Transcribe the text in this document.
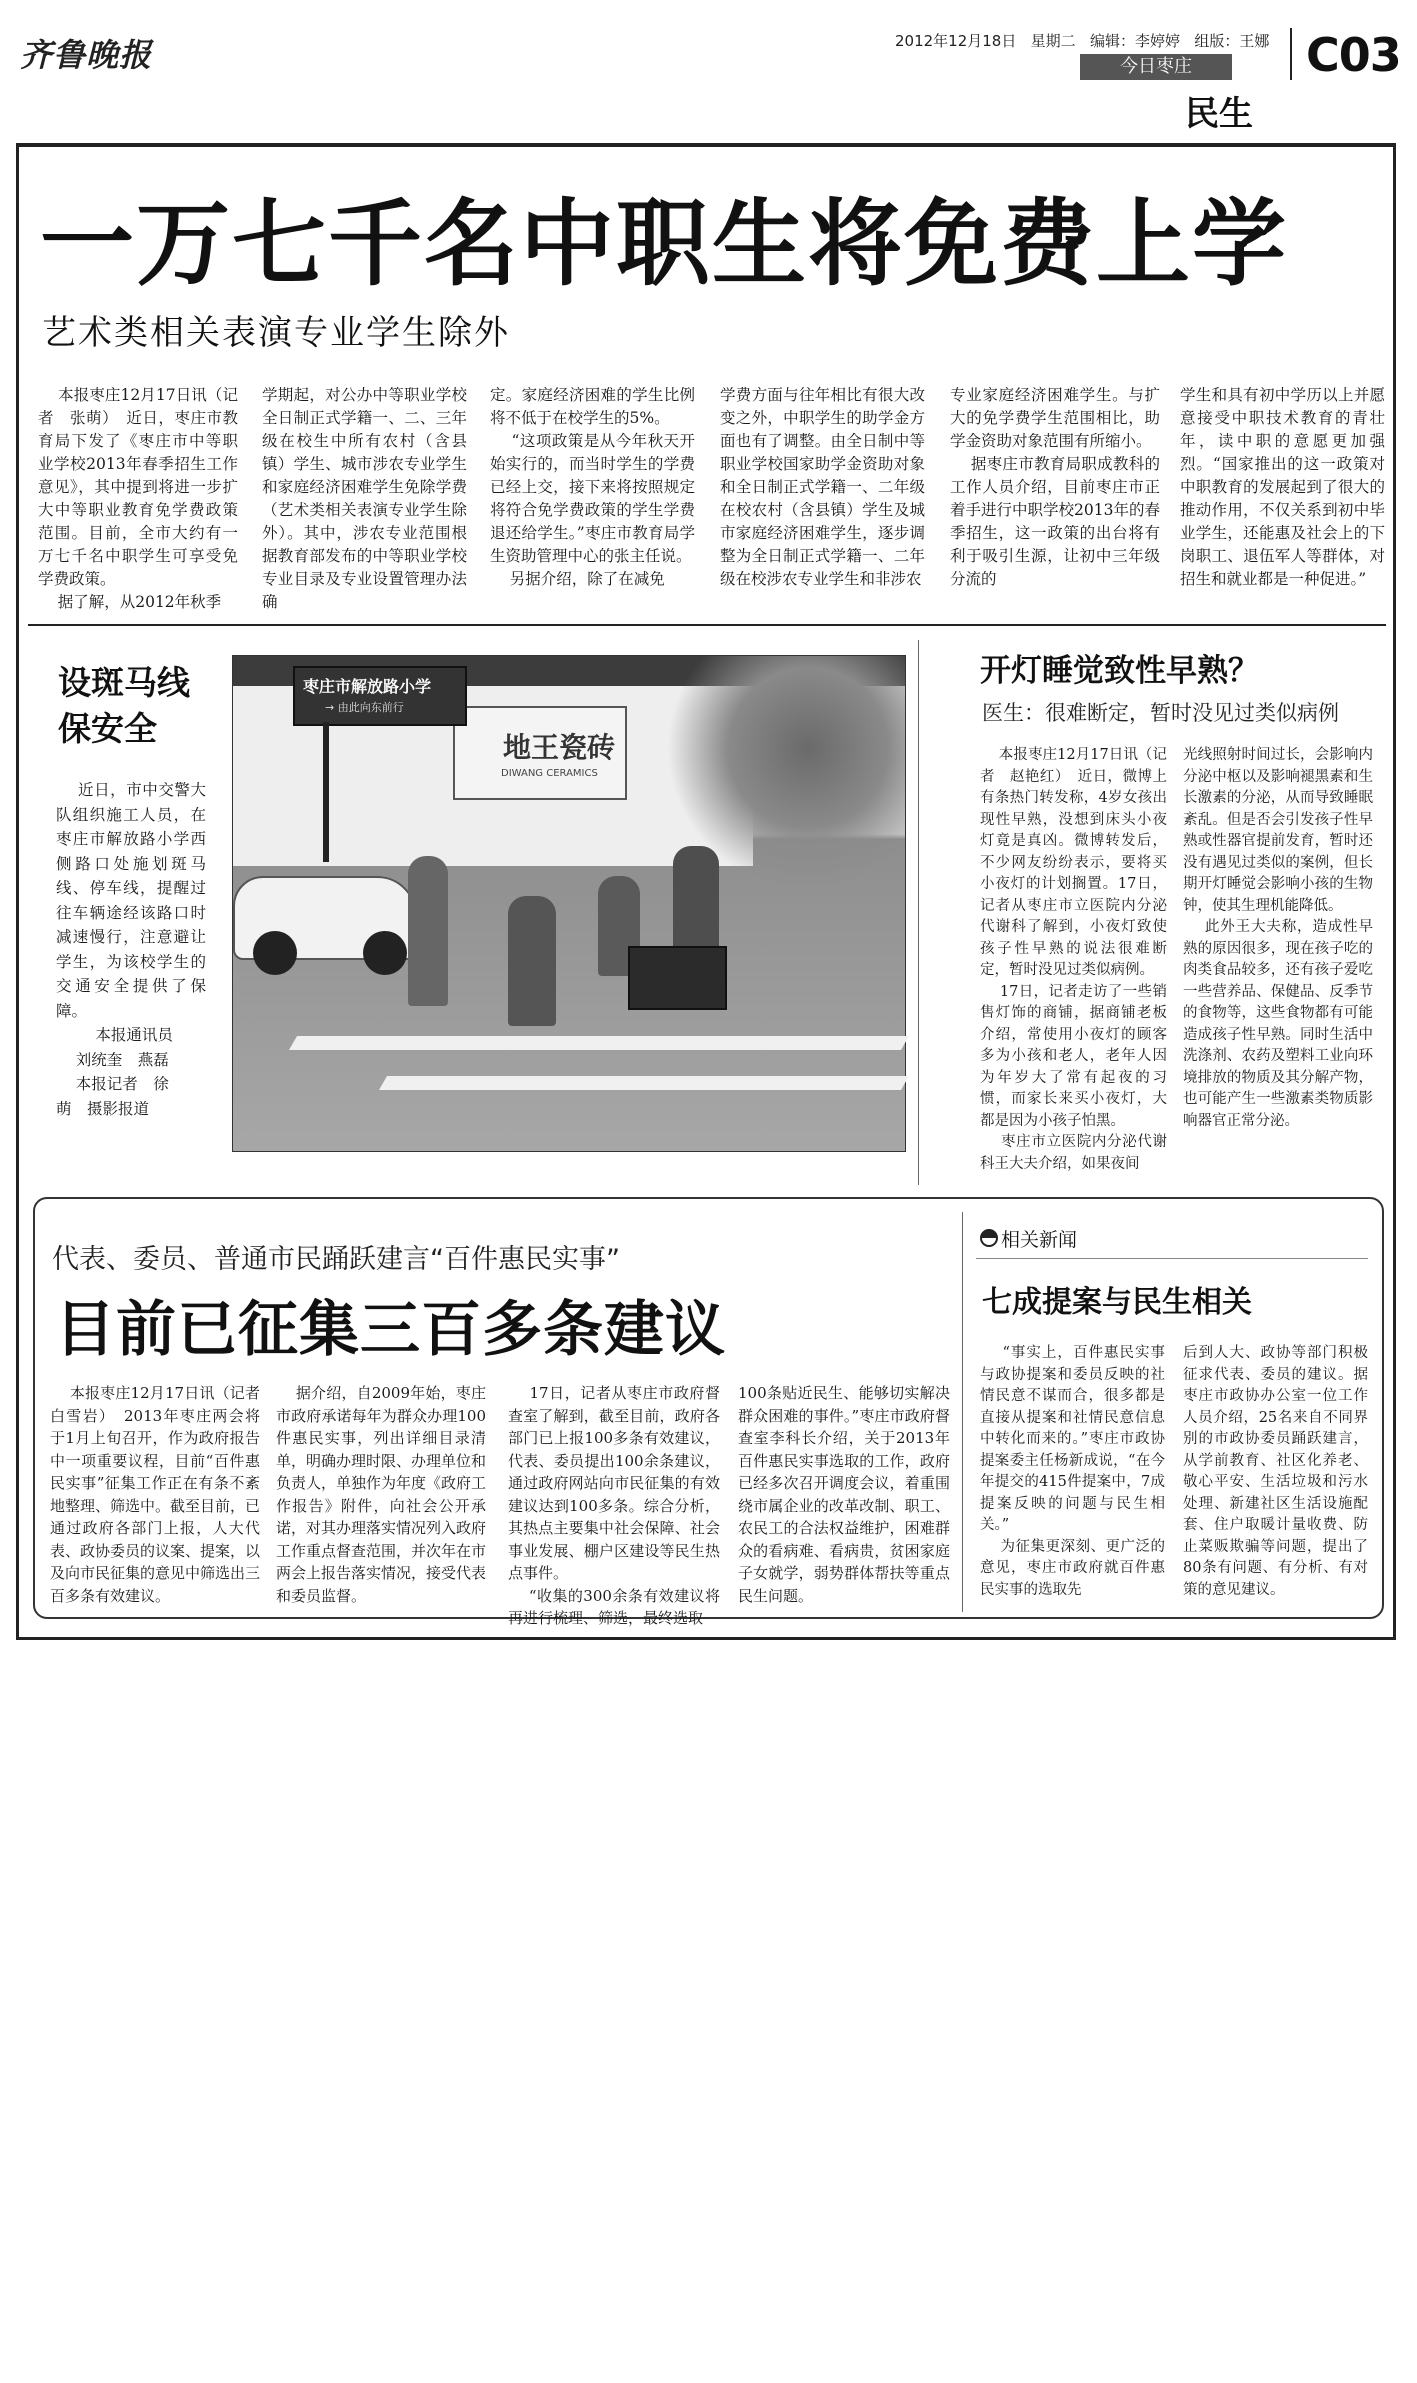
齐鲁晚报	2012年12月18日 星期二 编辑：李婷婷 组版：王娜
今日枣庄
民生
C03
一万七千名中职生将免费上学
艺术类相关表演专业学生除外
本报枣庄12月17日讯（记者　张萌）　近日，枣庄市教育局下发了《枣庄市中等职业学校2013年春季招生工作意见》，其中提到将进一步扩大中等职业教育免学费政策范围。目前，全市大约有一万七千名中职学生可享受免学费政策。
据了解，从2012年秋季
学期起，对公办中等职业学校全日制正式学籍一、二、三年级在校生中所有农村（含县镇）学生、城市涉农专业学生和家庭经济困难学生免除学费（艺术类相关表演专业学生除外）。其中，涉农专业范围根据教育部发布的中等职业学校专业目录及专业设置管理办法确
定。家庭经济困难的学生比例将不低于在校学生的5%。
“这项政策是从今年秋天开始实行的，而当时学生的学费已经上交，接下来将按照规定将符合免学费政策的学生学费退还给学生。”枣庄市教育局学生资助管理中心的张主任说。
另据介绍，除了在减免
学费方面与往年相比有很大改变之外，中职学生的助学金方面也有了调整。由全日制中等职业学校国家助学金资助对象和全日制正式学籍一、二年级在校农村（含县镇）学生及城市家庭经济困难学生，逐步调整为全日制正式学籍一、二年级在校涉农专业学生和非涉农
专业家庭经济困难学生。与扩大的免学费学生范围相比，助学金资助对象范围有所缩小。
据枣庄市教育局职成教科的工作人员介绍，目前枣庄市正着手进行中职学校2013年的春季招生，这一政策的出台将有利于吸引生源，让初中三年级分流的
学生和具有初中学历以上并愿意接受中职技术教育的青壮年，读中职的意愿更加强烈。“国家推出的这一政策对中职教育的发展起到了很大的推动作用，不仅关系到初中毕业学生，还能惠及社会上的下岗职工、退伍军人等群体，对招生和就业都是一种促进。”
设斑马线
保安全
近日，市中交警大队组织施工人员，在枣庄市解放路小学西侧路口处施划斑马线、停车线，提醒过往车辆途经该路口时减速慢行，注意避让学生，为该校学生的交通安全提供了保障。
本报通讯员
刘统奎　燕磊
本报记者　徐
萌　摄影报道
地王瓷砖
DIWANG CERAMICS
枣庄市解放路小学
→ 由此向东前行
开灯睡觉致性早熟？
医生：很难断定，暂时没见过类似病例
本报枣庄12月17日讯（记者　赵艳红）　近日，微博上有条热门转发称，4岁女孩出现性早熟，没想到床头小夜灯竟是真凶。微博转发后，不少网友纷纷表示，要将买小夜灯的计划搁置。17日，记者从枣庄市立医院内分泌代谢科了解到，小夜灯致使孩子性早熟的说法很难断定，暂时没见过类似病例。
17日，记者走访了一些销售灯饰的商铺，据商铺老板介绍，常使用小夜灯的顾客多为小孩和老人，老年人因为年岁大了常有起夜的习惯，而家长来买小夜灯，大都是因为小孩子怕黑。
枣庄市立医院内分泌代谢科王大夫介绍，如果夜间
光线照射时间过长，会影响内分泌中枢以及影响褪黑素和生长激素的分泌，从而导致睡眠紊乱。但是否会引发孩子性早熟或性器官提前发育，暂时还没有遇见过类似的案例，但长期开灯睡觉会影响小孩的生物钟，使其生理机能降低。
此外王大夫称，造成性早熟的原因很多，现在孩子吃的肉类食品较多，还有孩子爱吃一些营养品、保健品、反季节的食物等，这些食物都有可能造成孩子性早熟。同时生活中洗涤剂、农药及塑料工业向环境排放的物质及其分解产物，也可能产生一些激素类物质影响器官正常分泌。
代表、委员、普通市民踊跃建言“百件惠民实事”
目前已征集三百多条建议
本报枣庄12月17日讯（记者　白雪岩）　2013年枣庄两会将于1月上旬召开，作为政府报告中一项重要议程，目前“百件惠民实事”征集工作正在有条不紊地整理、筛选中。截至目前，已通过政府各部门上报，人大代表、政协委员的议案、提案，以及向市民征集的意见中筛选出三百多条有效建议。
据介绍，自2009年始，枣庄市政府承诺每年为群众办理100件惠民实事，列出详细目录清单，明确办理时限、办理单位和负责人，单独作为年度《政府工作报告》附件，向社会公开承诺，对其办理落实情况列入政府工作重点督查范围，并次年在市两会上报告落实情况，接受代表和委员监督。
17日，记者从枣庄市政府督查室了解到，截至目前，政府各部门已上报100多条有效建议，代表、委员提出100余条建议，通过政府网站向市民征集的有效建议达到100多条。综合分析，其热点主要集中社会保障、社会事业发展、棚户区建设等民生热点事件。
“收集的300余条有效建议将再进行梳理、筛选，最终选取
100条贴近民生、能够切实解决群众困难的事件。”枣庄市政府督查室李科长介绍，关于2013年百件惠民实事选取的工作，政府已经多次召开调度会议，着重围绕市属企业的改革改制、职工、农民工的合法权益维护，困难群众的看病难、看病贵，贫困家庭子女就学，弱势群体帮扶等重点民生问题。
相关新闻
七成提案与民生相关
“事实上，百件惠民实事与政协提案和委员反映的社情民意不谋而合，很多都是直接从提案和社情民意信息中转化而来的。”枣庄市政协提案委主任杨新成说，“在今年提交的415件提案中，7成提案反映的问题与民生相关。”
为征集更深刻、更广泛的意见，枣庄市政府就百件惠民实事的选取先
后到人大、政协等部门积极征求代表、委员的建议。据枣庄市政协办公室一位工作人员介绍，25名来自不同界别的市政协委员踊跃建言，从学前教育、社区化养老、敬心平安、生活垃圾和污水处理、新建社区生活设施配套、住户取暖计量收费、防止菜贩欺骗等问题，提出了80条有问题、有分析、有对策的意见建议。
